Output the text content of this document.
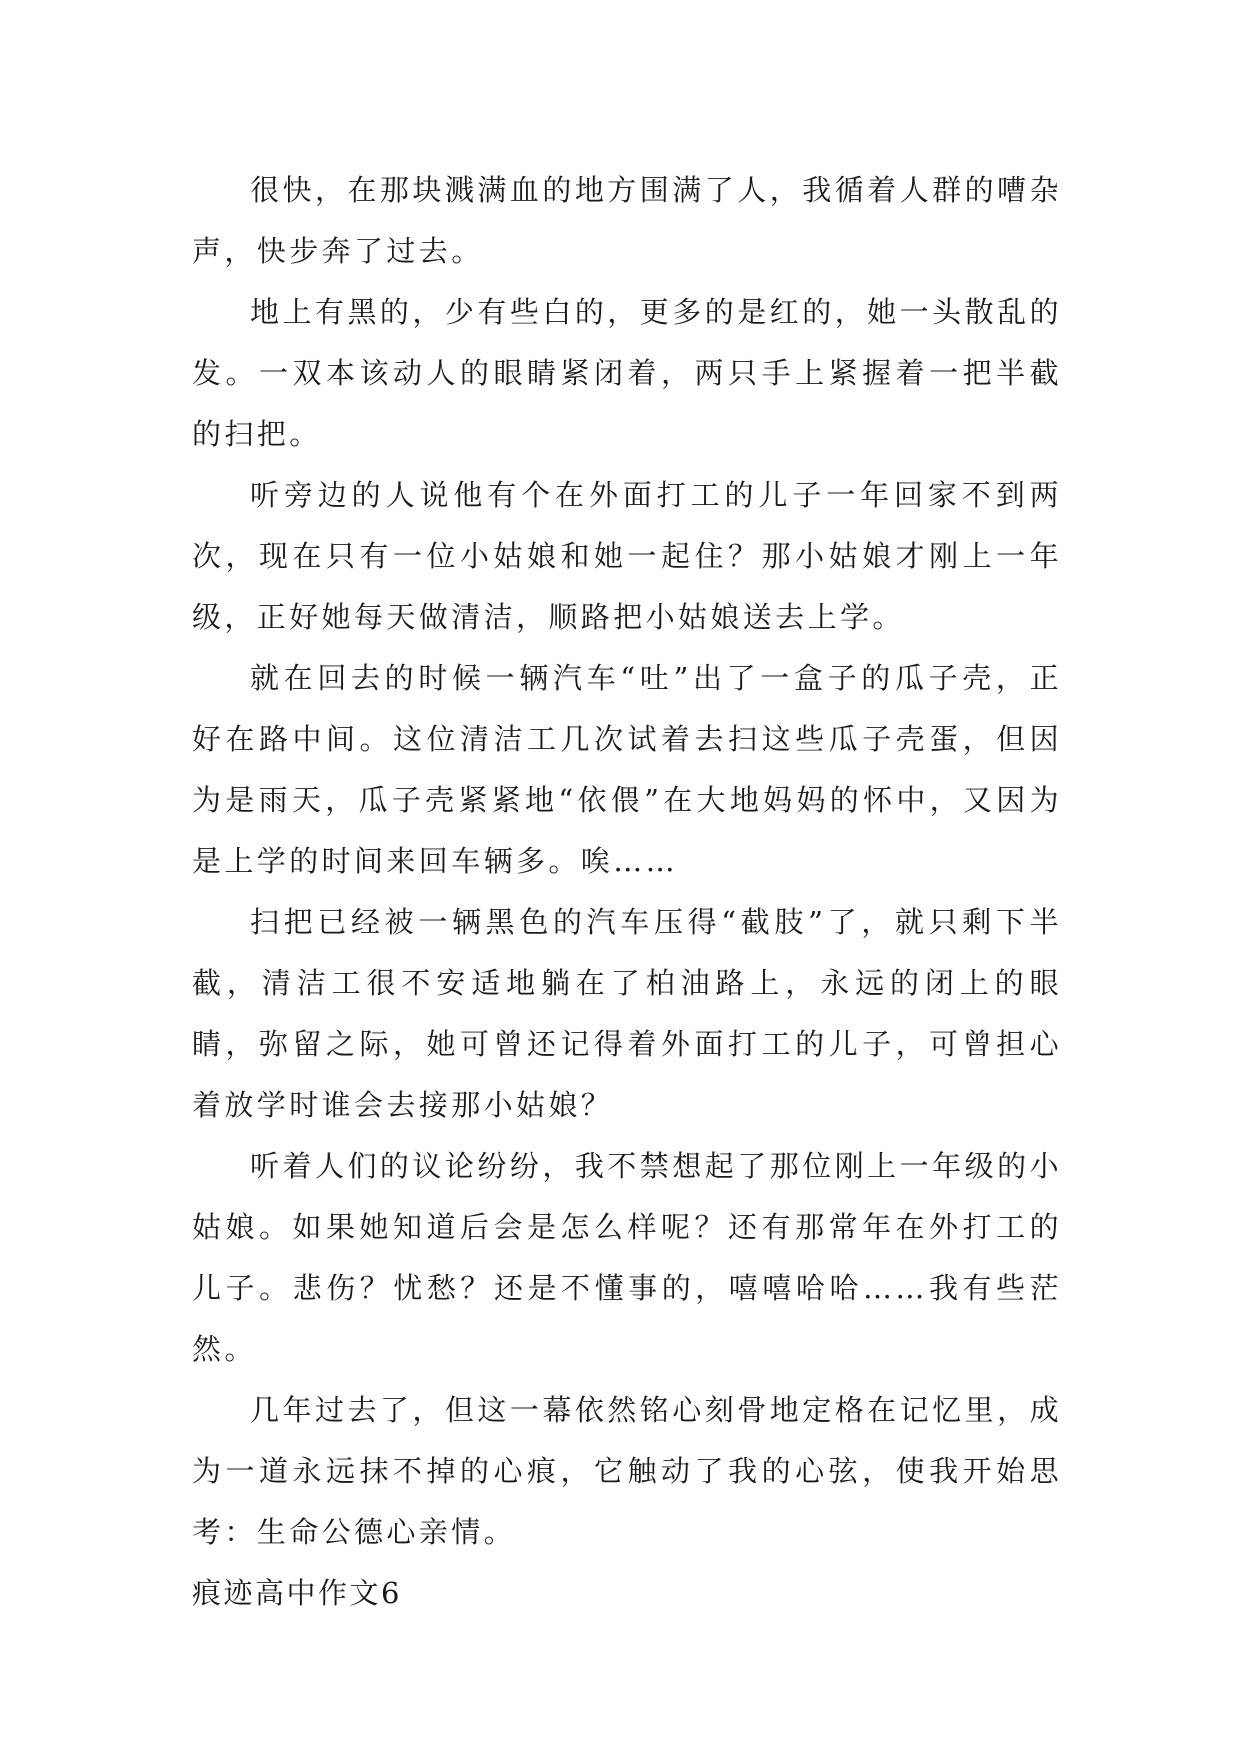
很快，在那块溅满血的地方围满了人，我循着人群的嘈杂声，快步奔了过去。

地上有黑的，少有些白的，更多的是红的，她一头散乱的发。一双本该动人的眼睛紧闭着，两只手上紧握着一把半截的扫把。

听旁边的人说他有个在外面打工的儿子一年回家不到两次，现在只有一位小姑娘和她一起住？那小姑娘才刚上一年级，正好她每天做清洁，顺路把小姑娘送去上学。

就在回去的时候一辆汽车“吐”出了一盒子的瓜子壳，正好在路中间。这位清洁工几次试着去扫这些瓜子壳蛋，但因为是雨天，瓜子壳紧紧地“依偎”在大地妈妈的怀中，又因为是上学的时间来回车辆多。唉……

扫把已经被一辆黑色的汽车压得“截肢”了，就只剩下半截，清洁工很不安适地躺在了柏油路上，永远的闭上的眼睛，弥留之际，她可曾还记得着外面打工的儿子，可曾担心着放学时谁会去接那小姑娘？

听着人们的议论纷纷，我不禁想起了那位刚上一年级的小姑娘。如果她知道后会是怎么样呢？还有那常年在外打工的儿子。悲伤？忧愁？还是不懂事的，嘻嘻哈哈……我有些茫然。

几年过去了，但这一幕依然铭心刻骨地定格在记忆里，成为一道永远抹不掉的心痕，它触动了我的心弦，使我开始思考：生命公德心亲情。

痕迹高中作文6
